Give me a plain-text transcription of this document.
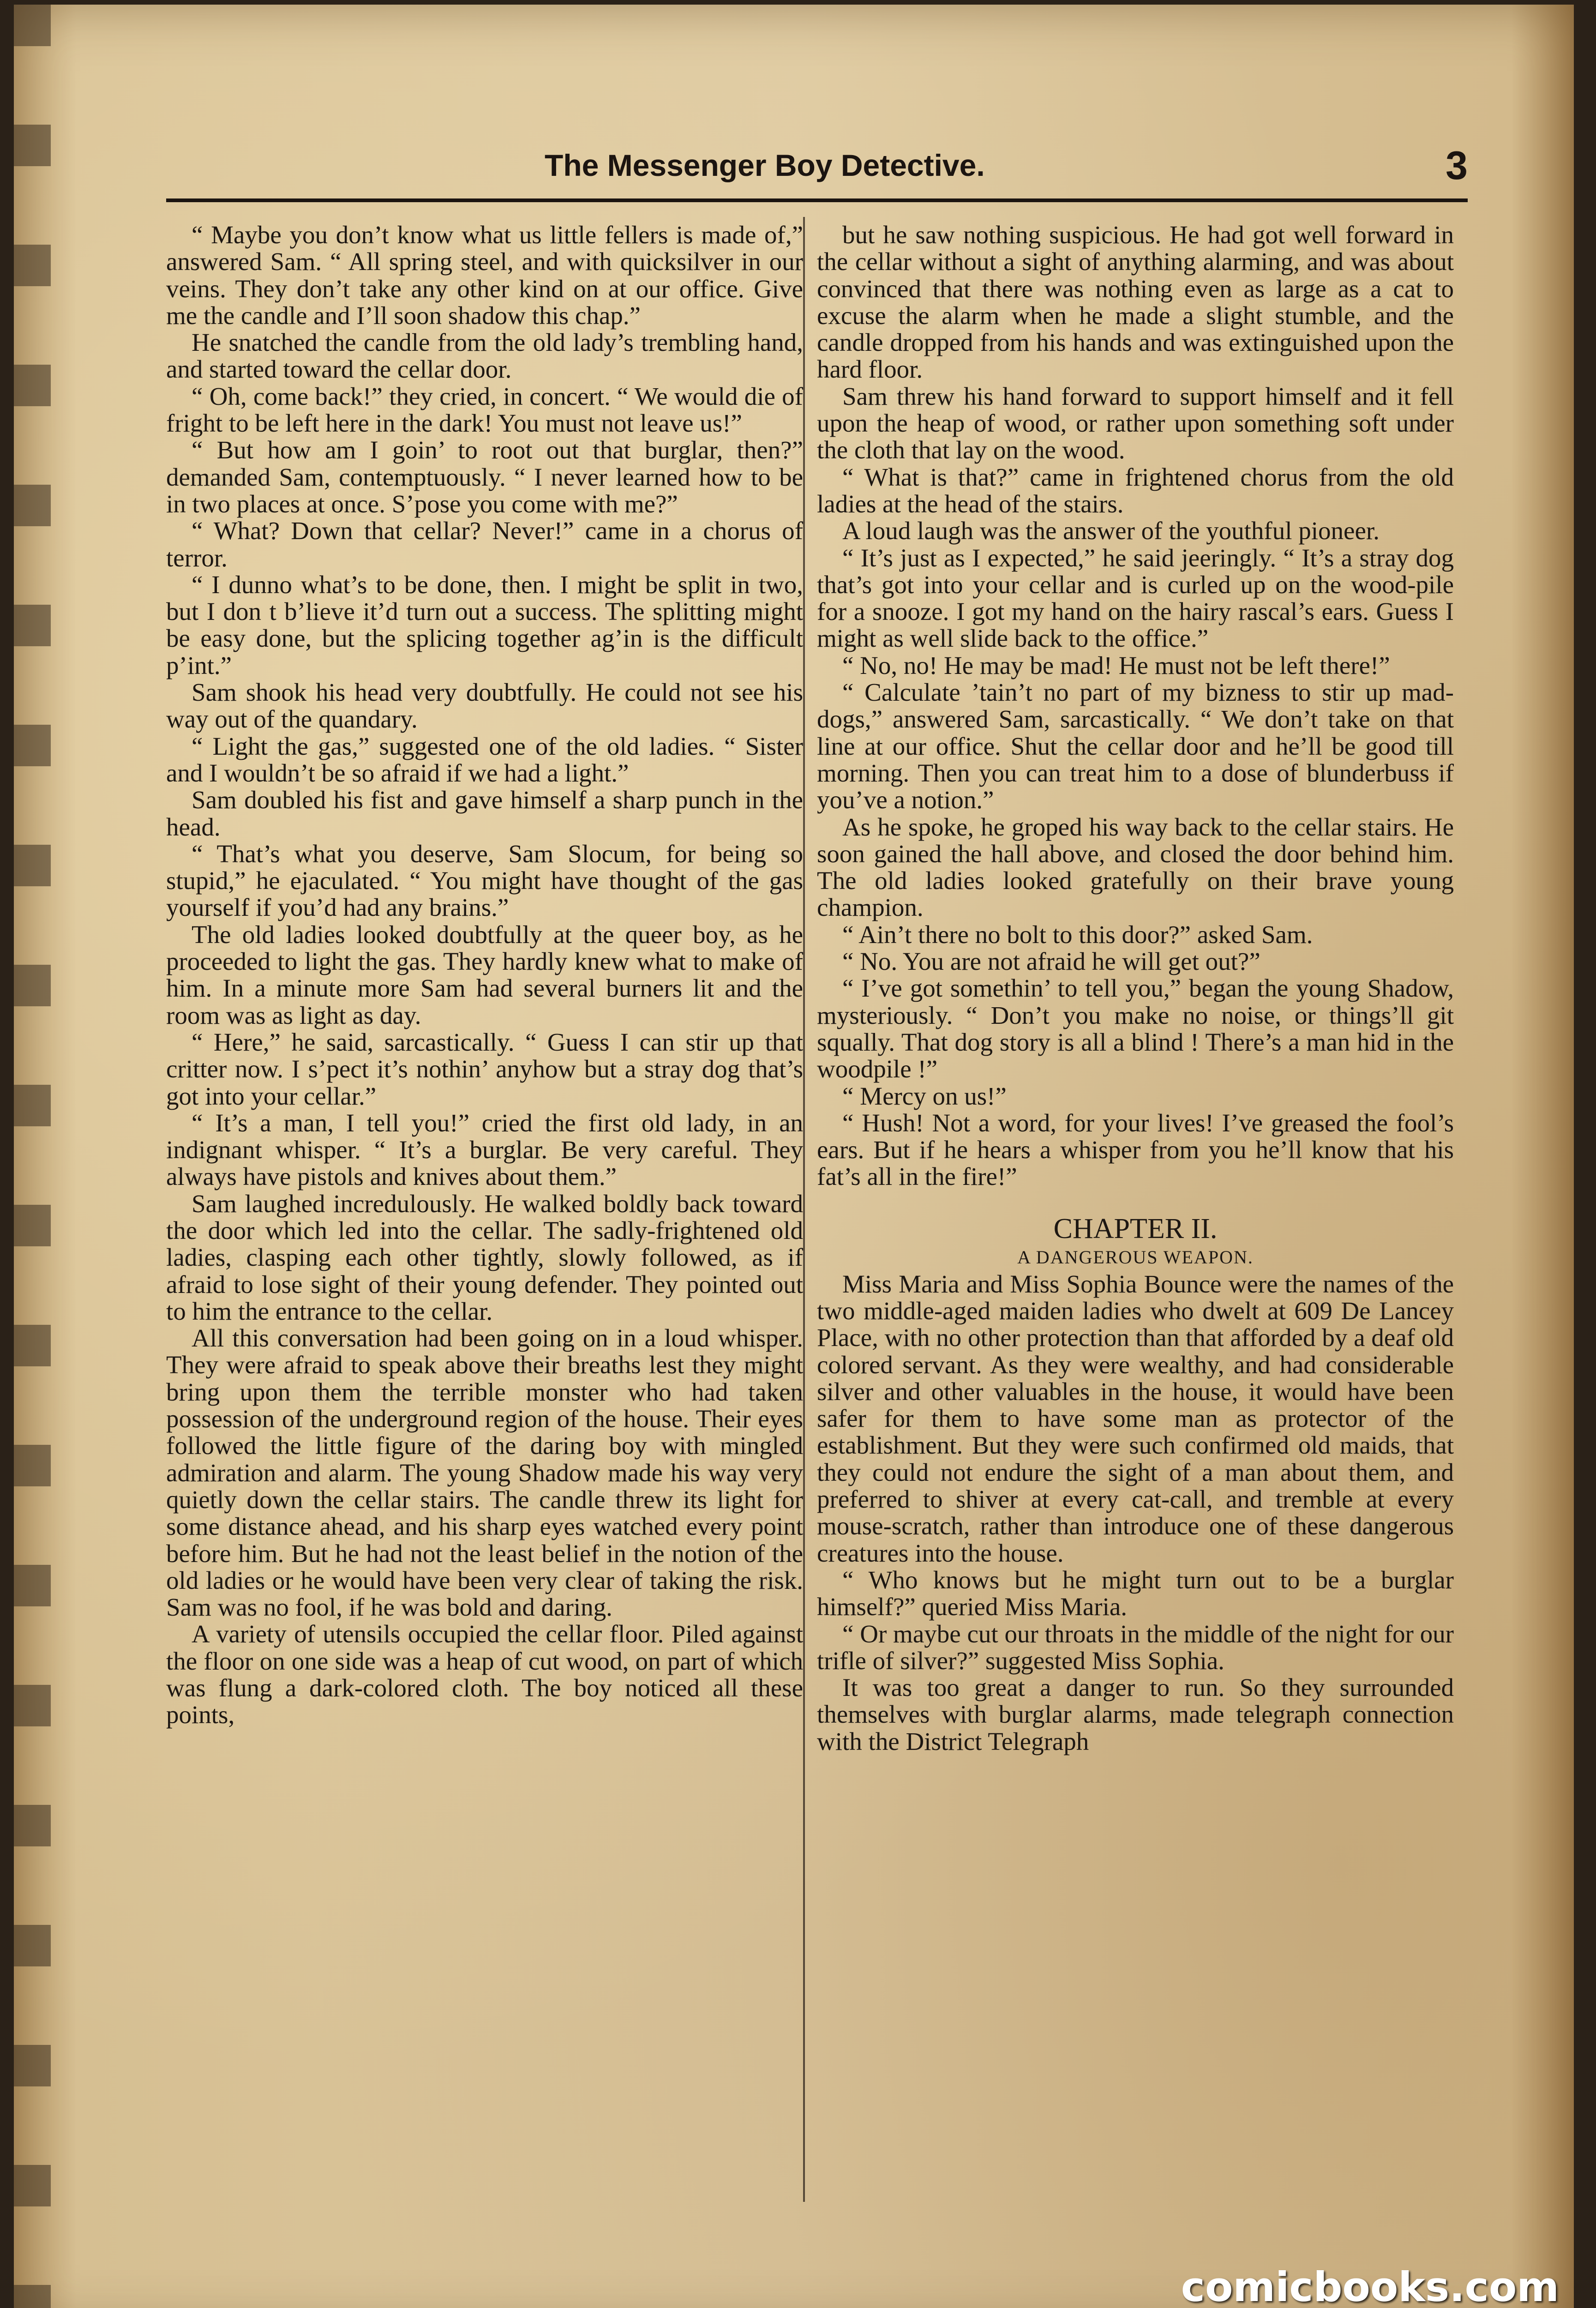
The Messenger Boy Detective.	3

“ Maybe you don’t know what us little fellers is made of,” answered Sam. “ All spring steel, and with quicksilver in our veins. They don’t take any other kind on at our office. Give me the candle and I’ll soon shadow this chap.”

He snatched the candle from the old lady’s trembling hand, and started toward the cellar door.

“ Oh, come back!” they cried, in concert. “ We would die of fright to be left here in the dark! You must not leave us!”

“ But how am I goin’ to root out that burglar, then?” demanded Sam, contemptuously. “ I never learned how to be in two places at once. S’pose you come with me?”

“ What? Down that cellar? Never!” came in a chorus of terror.

“ I dunno what’s to be done, then. I might be split in two, but I don t b’lieve it’d turn out a success. The splitting might be easy done, but the splicing together ag’in is the difficult p’int.”

Sam shook his head very doubtfully. He could not see his way out of the quandary.

“ Light the gas,” suggested one of the old ladies. “ Sister and I wouldn’t be so afraid if we had a light.”

Sam doubled his fist and gave himself a sharp punch in the head.

“ That’s what you deserve, Sam Slocum, for being so stupid,” he ejaculated. “ You might have thought of the gas yourself if you’d had any brains.”

The old ladies looked doubtfully at the queer boy, as he proceeded to light the gas. They hardly knew what to make of him. In a minute more Sam had several burners lit and the room was as light as day.

“ Here,” he said, sarcastically. “ Guess I can stir up that critter now. I s’pect it’s nothin’ anyhow but a stray dog that’s got into your cellar.”

“ It’s a man, I tell you!” cried the first old lady, in an indignant whisper. “ It’s a burglar. Be very careful. They always have pistols and knives about them.”

Sam laughed incredulously. He walked boldly back toward the door which led into the cellar. The sadly-frightened old ladies, clasping each other tightly, slowly followed, as if afraid to lose sight of their young defender. They pointed out to him the entrance to the cellar.

All this conversation had been going on in a loud whisper. They were afraid to speak above their breaths lest they might bring upon them the terrible monster who had taken possession of the underground region of the house. Their eyes followed the little figure of the daring boy with mingled admiration and alarm. The young Shadow made his way very quietly down the cellar stairs. The candle threw its light for some distance ahead, and his sharp eyes watched every point before him. But he had not the least belief in the notion of the old ladies or he would have been very clear of taking the risk. Sam was no fool, if he was bold and daring.

A variety of utensils occupied the cellar floor. Piled against the floor on one side was a heap of cut wood, on part of which was flung a dark-colored cloth. The boy noticed all these points,

but he saw nothing suspicious. He had got well forward in the cellar without a sight of anything alarming, and was about convinced that there was nothing even as large as a cat to excuse the alarm when he made a slight stumble, and the candle dropped from his hands and was extinguished upon the hard floor.

Sam threw his hand forward to support himself and it fell upon the heap of wood, or rather upon something soft under the cloth that lay on the wood.

“ What is that?” came in frightened chorus from the old ladies at the head of the stairs.

A loud laugh was the answer of the youthful pioneer.

“ It’s just as I expected,” he said jeeringly. “ It’s a stray dog that’s got into your cellar and is curled up on the wood-pile for a snooze. I got my hand on the hairy rascal’s ears. Guess I might as well slide back to the office.”

“ No, no! He may be mad! He must not be left there!”

“ Calculate ’tain’t no part of my bizness to stir up mad-dogs,” answered Sam, sarcastically. “ We don’t take on that line at our office. Shut the cellar door and he’ll be good till morning. Then you can treat him to a dose of blunderbuss if you’ve a notion.”

As he spoke, he groped his way back to the cellar stairs. He soon gained the hall above, and closed the door behind him. The old ladies looked gratefully on their brave young champion.

“ Ain’t there no bolt to this door?” asked Sam.

“ No. You are not afraid he will get out?”

“ I’ve got somethin’ to tell you,” began the young Shadow, mysteriously. “ Don’t you make no noise, or things’ll git squally. That dog story is all a blind ! There’s a man hid in the woodpile !”

“ Mercy on us!”

“ Hush! Not a word, for your lives! I’ve greased the fool’s ears. But if he hears a whisper from you he’ll know that his fat’s all in the fire!”

CHAPTER II.
A DANGEROUS WEAPON.

Miss Maria and Miss Sophia Bounce were the names of the two middle-aged maiden ladies who dwelt at 609 De Lancey Place, with no other protection than that afforded by a deaf old colored servant. As they were wealthy, and had considerable silver and other valuables in the house, it would have been safer for them to have some man as protector of the establishment. But they were such confirmed old maids, that they could not endure the sight of a man about them, and preferred to shiver at every cat-call, and tremble at every mouse-scratch, rather than introduce one of these dangerous creatures into the house.

“ Who knows but he might turn out to be a burglar himself?” queried Miss Maria.

“ Or maybe cut our throats in the middle of the night for our trifle of silver?” suggested Miss Sophia.

It was too great a danger to run. So they surrounded themselves with burglar alarms, made telegraph connection with the District Telegraph

comicbooks.com
